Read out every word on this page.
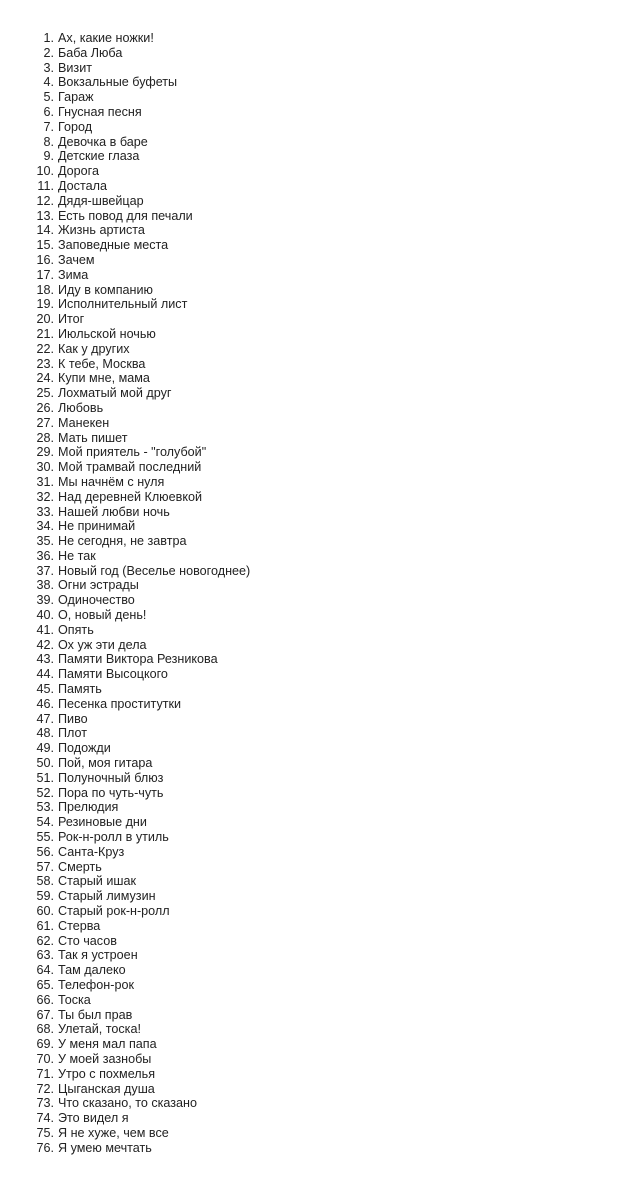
1. Ах, какие ножки!
2. Баба Люба
3. Визит
4. Вокзальные буфеты
5. Гараж
6. Гнусная песня
7. Город
8. Девочка в баре
9. Детские глаза
10. Дорога
11. Достала
12. Дядя-швейцар
13. Есть повод для печали
14. Жизнь артиста
15. Заповедные места
16. Зачем
17. Зима
18. Иду в компанию
19. Исполнительный лист
20. Итог
21. Июльской ночью
22. Как у других
23. К тебе, Москва
24. Купи мне, мама
25. Лохматый мой друг
26. Любовь
27. Манекен
28. Мать пишет
29. Мой приятель - "голубой"
30. Мой трамвай последний
31. Мы начнём с нуля
32. Над деревней Клюевкой
33. Нашей любви ночь
34. Не принимай
35. Не сегодня, не завтра
36. Не так
37. Новый год (Веселье новогоднее)
38. Огни эстрады
39. Одиночество
40. О, новый день!
41. Опять
42. Ох уж эти дела
43. Памяти Виктора Резникова
44. Памяти Высоцкого
45. Память
46. Песенка проститутки
47. Пиво
48. Плот
49. Подожди
50. Пой, моя гитара
51. Полуночный блюз
52. Пора по чуть-чуть
53. Прелюдия
54. Резиновые дни
55. Рок-н-ролл в утиль
56. Санта-Круз
57. Смерть
58. Старый ишак
59. Старый лимузин
60. Старый рок-н-ролл
61. Стерва
62. Сто часов
63. Так я устроен
64. Там далеко
65. Телефон-рок
66. Тоска
67. Ты был прав
68. Улетай, тоска!
69. У меня мал папа
70. У моей зазнобы
71. Утро с похмелья
72. Цыганская душа
73. Что сказано, то сказано
74. Это видел я
75. Я не хуже, чем все
76. Я умею мечтать
